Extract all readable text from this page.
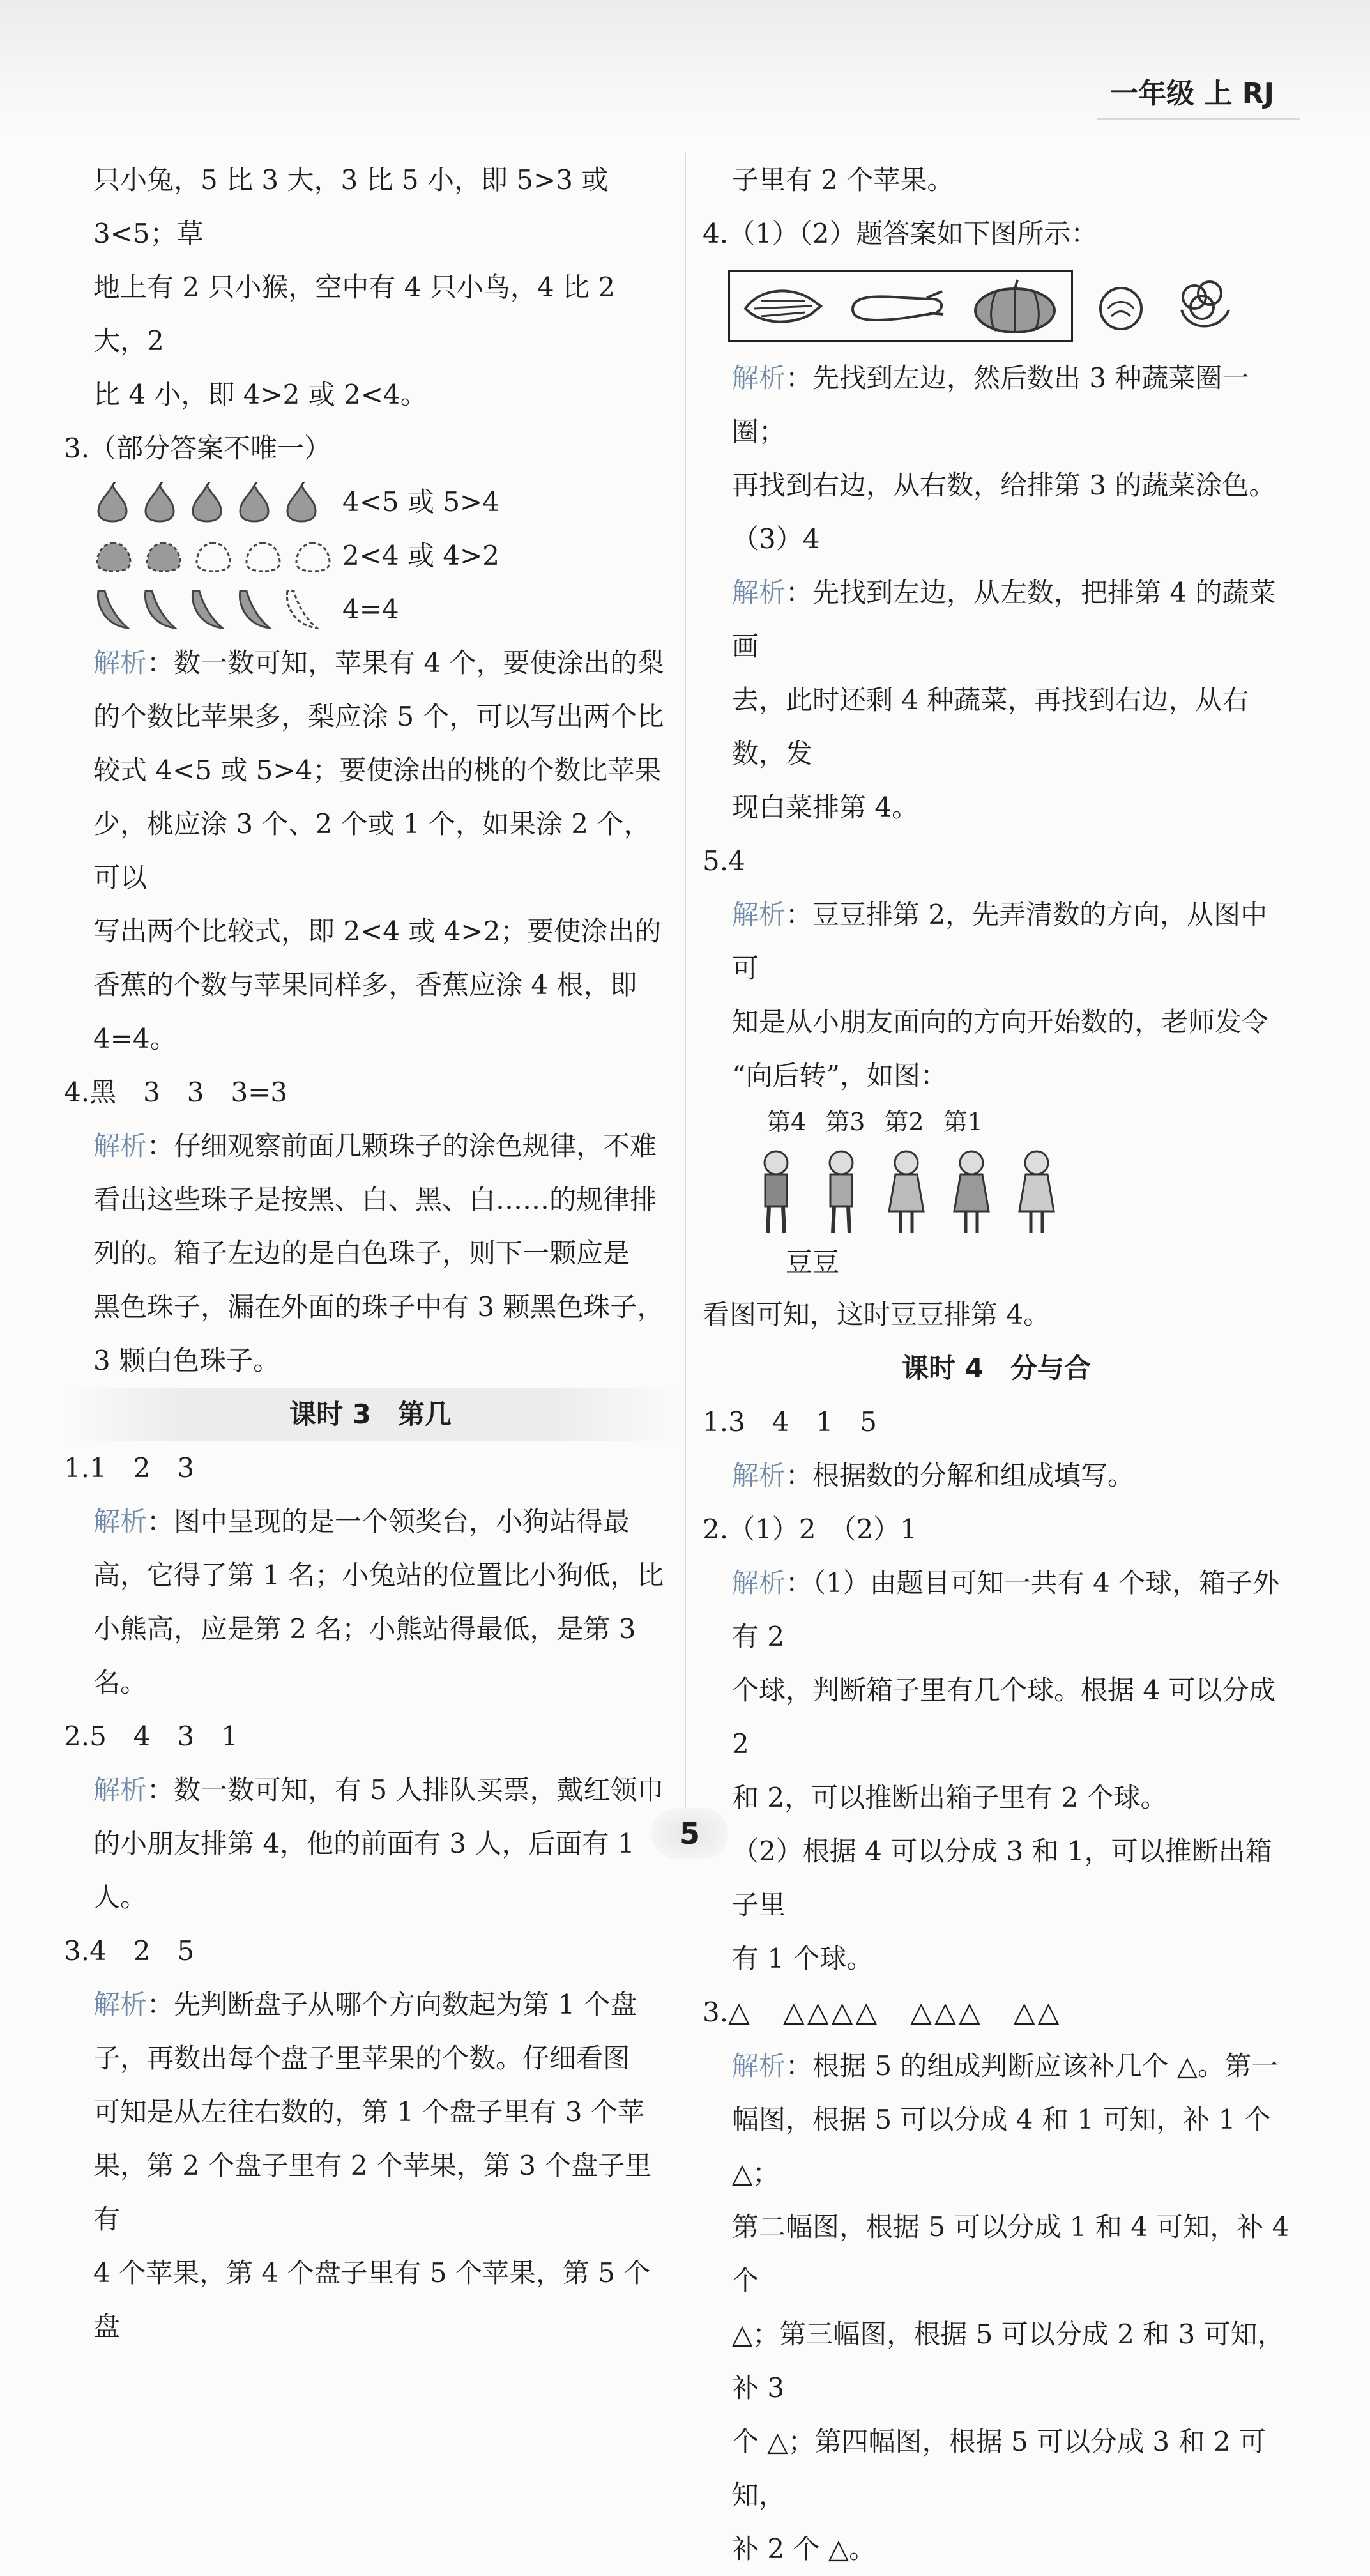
一年级 上 RJ

只小兔，5 比 3 大，3 比 5 小，即 5>3 或 3<5；草

地上有 2 只小猴，空中有 4 只小鸟，4 比 2 大，2

比 4 小，即 4>2 或 2<4。

3.（部分答案不唯一）

4<5 或 5>4
2<4 或 4>2
4=4

解析：数一数可知，苹果有 4 个，要使涂出的梨

的个数比苹果多，梨应涂 5 个，可以写出两个比

较式 4<5 或 5>4；要使涂出的桃的个数比苹果

少，桃应涂 3 个、2 个或 1 个，如果涂 2 个，可以

写出两个比较式，即 2<4 或 4>2；要使涂出的

香蕉的个数与苹果同样多，香蕉应涂 4 根，即

4=4。

4.黑　3　3　3=3

解析：仔细观察前面几颗珠子的涂色规律，不难

看出这些珠子是按黑、白、黑、白……的规律排

列的。箱子左边的是白色珠子，则下一颗应是

黑色珠子，漏在外面的珠子中有 3 颗黑色珠子，

3 颗白色珠子。

课时 3　第几

1.1　2　3

解析：图中呈现的是一个领奖台，小狗站得最

高，它得了第 1 名；小兔站的位置比小狗低，比

小熊高，应是第 2 名；小熊站得最低，是第 3 名。

2.5　4　3　1

解析：数一数可知，有 5 人排队买票，戴红领巾

的小朋友排第 4，他的前面有 3 人，后面有 1 人。

3.4　2　5

解析：先判断盘子从哪个方向数起为第 1 个盘

子，再数出每个盘子里苹果的个数。仔细看图

可知是从左往右数的，第 1 个盘子里有 3 个苹

果，第 2 个盘子里有 2 个苹果，第 3 个盘子里有

4 个苹果，第 4 个盘子里有 5 个苹果，第 5 个盘

子里有 2 个苹果。

4.（1）（2）题答案如下图所示：

解析：先找到左边，然后数出 3 种蔬菜圈一圈；

再找到右边，从右数，给排第 3 的蔬菜涂色。

（3）4

解析：先找到左边，从左数，把排第 4 的蔬菜画

去，此时还剩 4 种蔬菜，再找到右边，从右数，发

现白菜排第 4。

5.4

解析：豆豆排第 2，先弄清数的方向，从图中可

知是从小朋友面向的方向开始数的，老师发令

“向后转”，如图：

第4 第3 第2 第1

豆豆

看图可知，这时豆豆排第 4。

课时 4　分与合

1.3　4　1　5

解析：根据数的分解和组成填写。

2.（1）2　（2）1

解析：（1）由题目可知一共有 4 个球，箱子外有 2

个球，判断箱子里有几个球。根据 4 可以分成 2

和 2，可以推断出箱子里有 2 个球。

（2）根据 4 可以分成 3 和 1，可以推断出箱子里

有 1 个球。

3.△　△△△△　△△△　△△

解析：根据 5 的组成判断应该补几个 △。第一

幅图，根据 5 可以分成 4 和 1 可知，补 1 个 △；

第二幅图，根据 5 可以分成 1 和 4 可知，补 4 个

△；第三幅图，根据 5 可以分成 2 和 3 可知，补 3

个 △；第四幅图，根据 5 可以分成 3 和 2 可知，

补 2 个 △。

5
